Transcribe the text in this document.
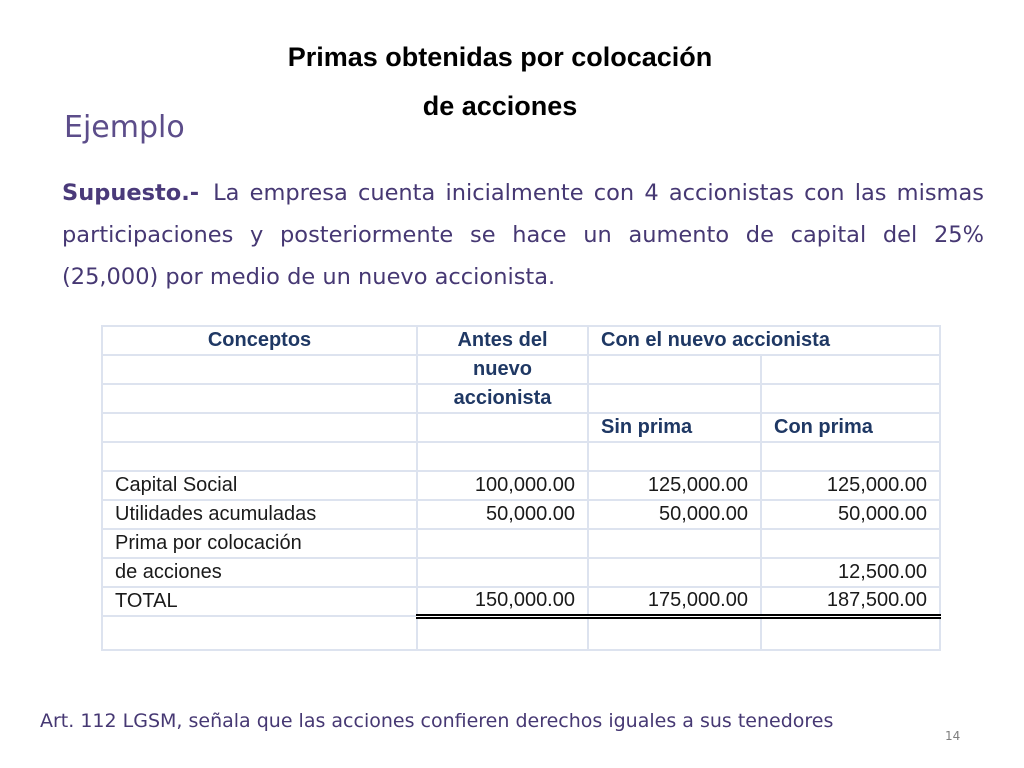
Primas obtenidas por colocación
de acciones
Ejemplo
Supuesto.- La empresa cuenta inicialmente con 4 accionistas con las mismas participaciones y posteriormente se hace un aumento de capital del 25% (25,000) por medio de un nuevo accionista.
Conceptos	Antes del	Con el nuevo accionista	
	nuevo		
	accionista		
		Sin prima	Con prima

Capital Social	100,000.00	125,000.00	125,000.00
Utilidades acumuladas	50,000.00	50,000.00	50,000.00
Prima por colocación			
de acciones			12,500.00
TOTAL	150,000.00	175,000.00	187,500.00

Art. 112 LGSM, señala que las acciones confieren derechos iguales a sus tenedores
14
